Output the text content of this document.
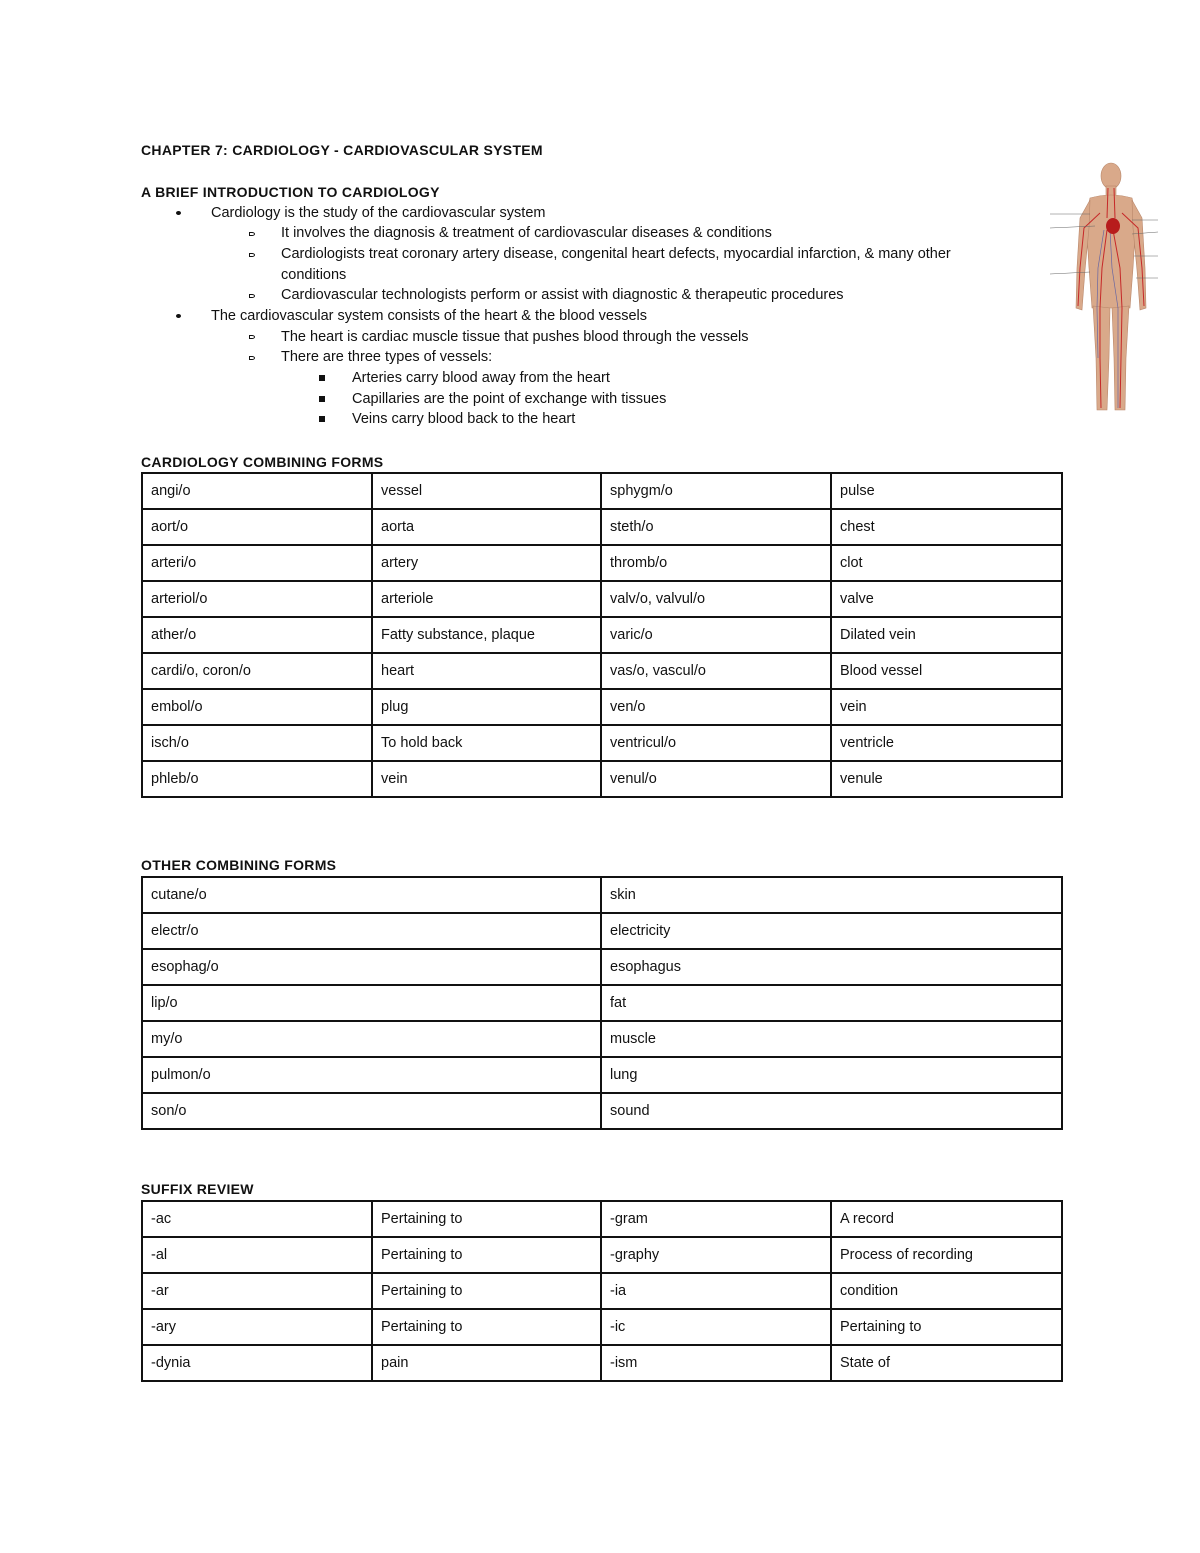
CHAPTER 7: CARDIOLOGY - CARDIOVASCULAR SYSTEM
A BRIEF INTRODUCTION TO CARDIOLOGY
Cardiology is the study of the cardiovascular system
It involves the diagnosis & treatment of cardiovascular diseases & conditions
Cardiologists treat coronary artery disease, congenital heart defects, myocardial infarction, & many other
conditions
Cardiovascular technologists perform or assist with diagnostic & therapeutic procedures
The cardiovascular system consists of the heart & the blood vessels
The heart is cardiac muscle tissue that pushes blood through the vessels
There are three types of vessels:
Arteries carry blood away from the heart
Capillaries are the point of exchange with tissues
Veins carry blood back to the heart
CARDIOLOGY COMBINING FORMS
angi/o	vessel	sphygm/o	pulse
aort/o	aorta	steth/o	chest
arteri/o	artery	thromb/o	clot
arteriol/o	arteriole	valv/o, valvul/o	valve
ather/o	Fatty substance, plaque	varic/o	Dilated vein
cardi/o, coron/o	heart	vas/o, vascul/o	Blood vessel
embol/o	plug	ven/o	vein
isch/o	To hold back	ventricul/o	ventricle
phleb/o	vein	venul/o	venule
OTHER COMBINING FORMS
cutane/o	skin
electr/o	electricity
esophag/o	esophagus
lip/o	fat
my/o	muscle
pulmon/o	lung
son/o	sound
SUFFIX REVIEW
-ac	Pertaining to	-gram	A record
-al	Pertaining to	-graphy	Process of recording
-ar	Pertaining to	-ia	condition
-ary	Pertaining to	-ic	Pertaining to
-dynia	pain	-ism	State of
